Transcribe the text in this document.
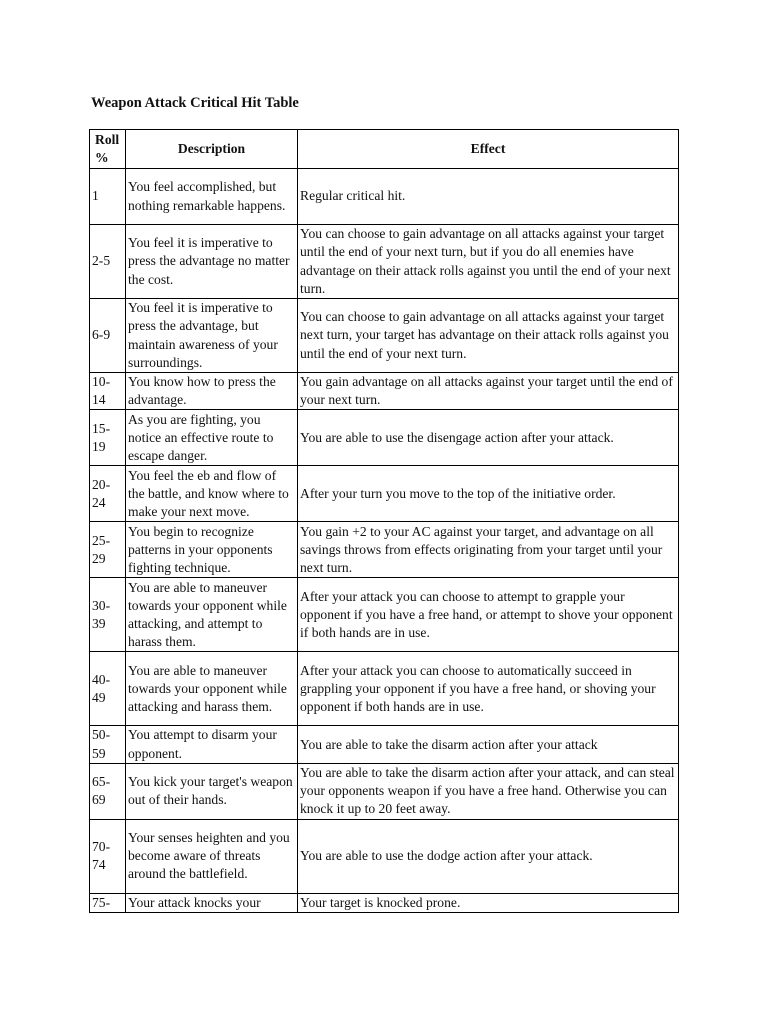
Weapon Attack Critical Hit Table
Roll %	Description	Effect
1	You feel accomplished, but nothing remarkable happens.	Regular critical hit.
2-5	You feel it is imperative to press the advantage no matter the cost.	You can choose to gain advantage on all attacks against your target until the end of your next turn, but if you do all enemies have advantage on their attack rolls against you until the end of your next turn.
6-9	You feel it is imperative to press the advantage, but maintain awareness of your surroundings.	You can choose to gain advantage on all attacks against your target next turn, your target has advantage on their attack rolls against you until the end of your next turn.
10-14	You know how to press the advantage.	You gain advantage on all attacks against your target until the end of your next turn.
15-19	As you are fighting, you notice an effective route to escape danger.	You are able to use the disengage action after your attack.
20-24	You feel the eb and flow of the battle, and know where to make your next move.	After your turn you move to the top of the initiative order.
25-29	You begin to recognize patterns in your opponents fighting technique.	You gain +2 to your AC against your target, and advantage on all savings throws from effects originating from your target until your next turn.
30-39	You are able to maneuver towards your opponent while attacking, and attempt to harass them.	After your attack you can choose to attempt to grapple your opponent if you have a free hand, or attempt to shove your opponent if both hands are in use.
40-49	You are able to maneuver towards your opponent while attacking and harass them.	After your attack you can choose to automatically succeed in grappling your opponent if you have a free hand, or shoving your opponent if both hands are in use.
50-59	You attempt to disarm your opponent.	You are able to take the disarm action after your attack
65-69	You kick your target's weapon out of their hands.	You are able to take the disarm action after your attack, and can steal your opponents weapon if you have a free hand. Otherwise you can knock it up to 20 feet away.
70-74	Your senses heighten and you become aware of threats around the battlefield.	You are able to use the dodge action after your attack.
75-	Your attack knocks your	Your target is knocked prone.
